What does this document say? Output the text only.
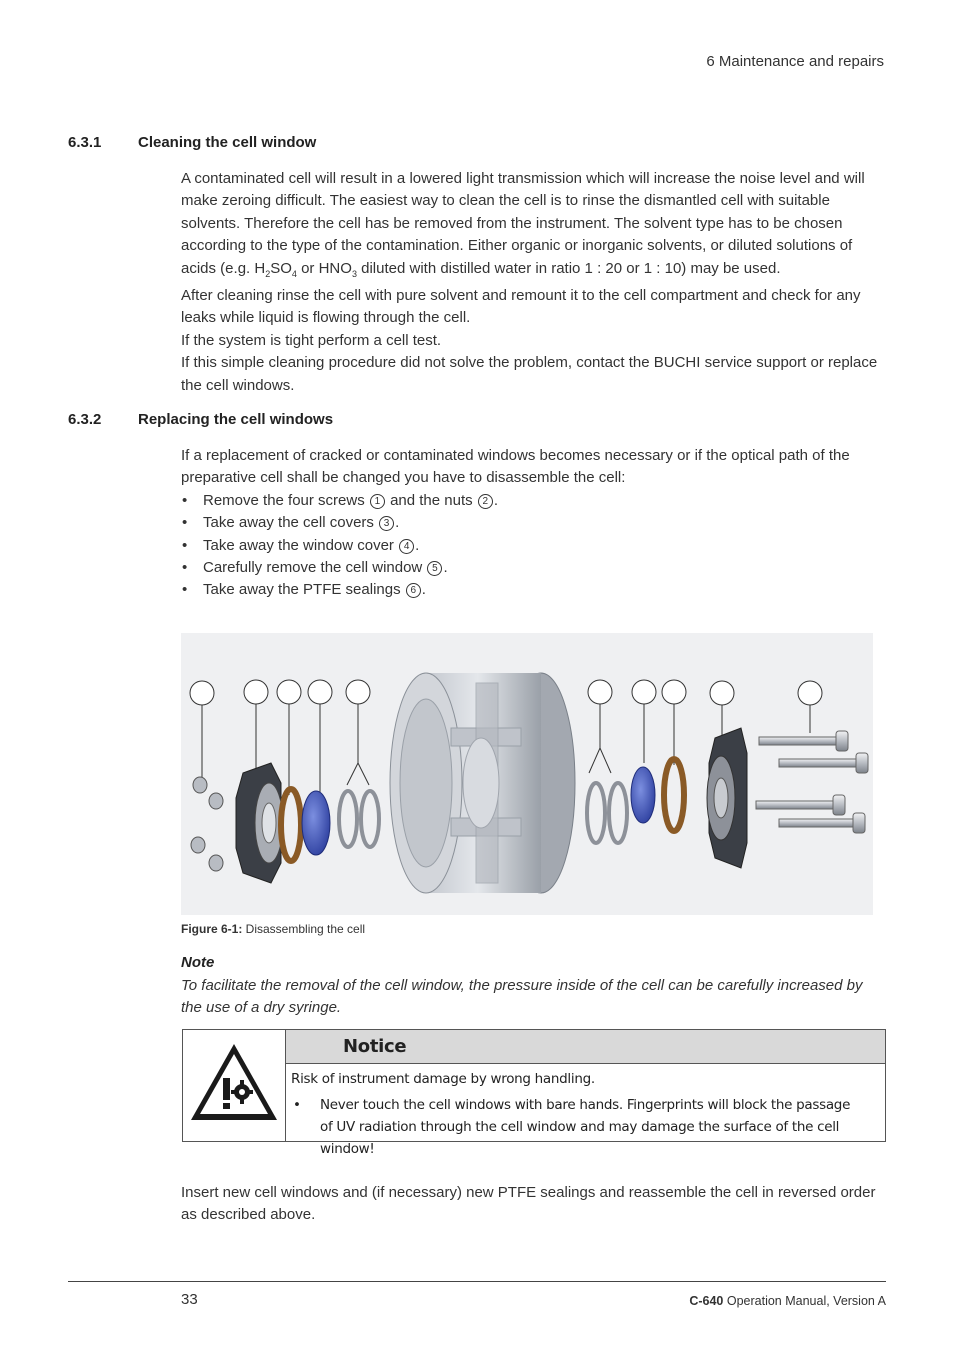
6 Maintenance and repairs
6.3.1 Cleaning the cell window

A contaminated cell will result in a lowered light transmission which will increase the noise level and will make zeroing difficult. The easiest way to clean the cell is to rinse the dismantled cell with suitable solvents. Therefore the cell has be removed from the instrument. The solvent type has to be chosen according to the type of the contamination. Either organic or inorganic solvents, or diluted solutions of acids (e.g. $H_2SO_4$ or $HNO_3$ diluted with distilled water in ratio 1 : 20 or 1 : 10) may be used.

After cleaning rinse the cell with pure solvent and remount it to the cell compartment and check for any leaks while liquid is flowing through the cell.

If the system is tight perform a cell test.

If this simple cleaning procedure did not solve the problem, contact the BUCHI service support or replace the cell windows.

6.3.2 Replacing the cell windows

If a replacement of cracked or contaminated windows becomes necessary or if the optical path of the preparative cell shall be changed you have to disassemble the cell:

• Remove the four screws 1 and the nuts 2 .
• Take away the cell covers 3 .
• Take away the window cover 4 .
• Carefully remove the cell window 5 .
• Take away the PTFE sealings 6 .
Figure 6-1: Disassembling the cell
Note
To facilitate the removal of the cell window, the pressure inside of the cell can be carefully increased by the use of a dry syringe.
Notice
Risk of instrument damage by wrong handling.
• Never touch the cell windows with bare hands. Fingerprints will block the passage of UV radiation through the cell window and may damage the surface of the cell window!

Insert new cell windows and (if necessary) new PTFE sealings and reassemble the cell in reversed order as described above.

33	C-640 Operation Manual, Version A
